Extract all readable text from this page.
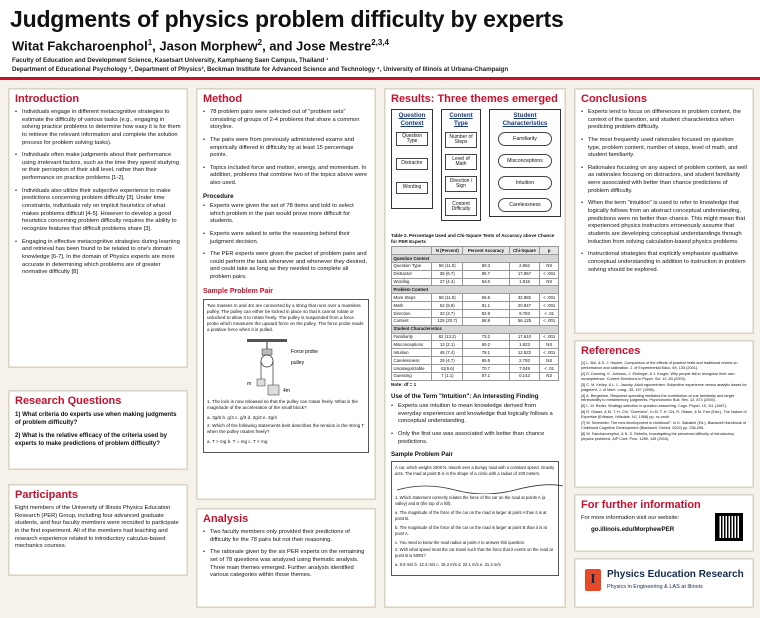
Judgments of physics problem difficulty by experts
Witat Fakcharoenphol$^1$, Jason Morphew$^2$, and Jose Mestre$^{2,3,4}$
Faculty of Education and Development Science, Kasetsart University, Kamphaeng Saen Campus, Thailand ¹
Department of Educational Psychology ², Department of Physics³, Beckman Institute for Advanced Science and Technology ⁴, University of Illinois at Urbana-Champaign
Introduction
• Individuals engage in different metacognitive strategies to estimate the difficulty of various tasks (e.g., engaging in solving practice problems to determine how easy it is for them to retrieve the relevant information and complete the solution process for problem solving tasks).
• Individuals often make judgments about their performance using irrelevant factors, such as the time they spend studying or their perception of their skill level, rather than their performance on practice problems [1-2].
• Individuals also utilize their subjective experience to make predictions concerning problem difficulty [3]. Under time constraints, individuals rely on implicit heuristics of what makes problems difficult [4-5]. However to develop a good heuristics concerning problem difficulty requires the ability to recognize features that difficult problems share [3].
• Engaging in effective metacognitive strategies during learning and retrieval has been found to be related to one's domain knowledge [6-7]. In the domain of Physics experts are more accurate in determining which problems are of greater normative difficulty [8]
Research Questions
1) What criteria do experts use when making judgments of problem difficulty?
2) What is the relative efficacy of the criteria used by experts to make predictions of problem difficulty?
Participants

Eight members of the University of Illinois Physics Education Research (PER) Group, including four advanced graduate students, and four faculty members were recruited to participate in the first experiment. All of the members had teaching and research experience related to introductory calculus-based mechanics courses.

Method
• 78 problem pairs were selected out of "problem sets" consisting of groups of 2-4 problems that share a common storyline.
• The pairs were from previously administered exams and empirically differed in difficulty by at least 15 percentage points.
• Topics included force and motion, energy, and momentum. In addition, problems that combine two of the topics above were also used.
Procedure
• Experts were given the set of 78 items and told to select which problem in the pair would prove more difficult for students.
• Experts were asked to write the reasoning behind their judgment decision.
• The PER experts were given the packet of problem pairs and could perform the task whenever and whenever they desired, and could take as long as they needed to complete all problem pairs.
Sample Problem Pair

Two masses m and 4m are connected by a string that runs over a massless pulley. The pulley can either be locked in place so that it cannot rotate or unlocked to allow it to rotate freely. The pulley is suspended from a force probe which measures the upward force on the pulley. The force probe reads a positive force when it is pulled.

Force probe
pulley
m
4m

1. The lock is now released so that the pulley can rotate freely. What is the magnitude of the acceleration of the small block?

a. 3g/5 b. g/3 c. g/3 d. 2g/3 e. 3g/4

2. Which of the following statements best describes the tension in the string T when the pulley rotates freely?

a. T > mg b. T = mg c. T < mg

Analysis
• Two faculty members only provided their predictions of difficulty for the 78 pairs but not their reasoning.
• The rationale given by the six PER experts on the remaining set of 78 questions was analyzed using thematic analysis. Three main themes emerged. Further analysis identified various categories within those themes.
Results: Three themes emerged
Question Context
Question Type
Distractor
Wording
Content Type
Number of Steps
Level of Math
Direction / Sign
Content Difficulty
Student Characteristics
Familiarity
Misconceptions
Intuition
Carelessness
Table 2. Percentage Used and Chi-Square Tests of Accuracy above Chance for PER Experts
	N (Percent)	Percent Accuracy	Chi-Square	p
Question Context				
Question Type	58 (11.0)	60.3	2.862	NS
Distractor	35 (6.7)	85.7	17.857	< .001
Wording	27 (4.4)	63.0	1.815	NS
Problem Content				
More Steps	58 (11.0)	65.5	32.882	< .001
Math	52 (9.8)	81.1	20.847	< .001
Direction	33 (3.7)	82.8	9.783	< .01
Content	125 (20.7)	68.9	56.125	< .001
Student Characteristics				
Familiarity	82 (13.2)	73.2	17.610	< .001
Misconceptions	13 (2.1)	69.2	1.923	NS
Intuition	46 (7.4)	78.1	12.522	< .001
Carelessness	29 (4.7)	65.5	2.793	NS
Uncategorizable	41(6.6)	70.7	7.049	< .01
Guessing	7 (1.1)	57.1	0.143	NS
Note: df = 1
Use of the Term "Intuition": An Interesting Finding
• Experts use intuition to mean knowledge derived from everyday experiences and knowledge that logically follows a conceptual understanding.
• Only the first use was associated with better than chance predictions.
Sample Problem Pair

A car, which weighs 1000 N, travels over a bumpy road with a constant speed. Gravity acts. The mad at point B is in the shape of a circle with a radius of 100 meters.

1. Which statement correctly relates the force of the car on the road at points A (a valley) and B (the top of a hill).

a. The magnitude of the force of the car on the road is larger at point A than it is at point B.

b. The magnitude of the force of the car on the road is larger at point B than it is at point A.

c. You need to know the road radius at point A to answer this question.

2. With what speed must the car travel such that the force that it exerts on the road at point B is 500N?

a. 9.9 m/s b. 12.4 m/s c. 15.3 m/s d. 22.1 m/s e. 31.3 m/s

Conclusions
• Experts tend to focus on differences in problem content, the context of the question, and student characteristics when predicting problem difficulty.
• The most frequently used rationales focused on question type, problem content, number of steps, level of math, and student familiarity.
• Rationales focusing on any aspect of problem content, as well as rationales focusing on distractors, and student familiarity were associated with better than chance predictions of problem difficulty.
• When the term "intuition" is used to refer to knowledge that logically follows from an abstract conceptual understanding, predictions were no better than chance. This might mean that experienced physics instructors erroneously assume that students are developing conceptual understandings through induction from solving calculation-based physics problems.
• Instructional strategies that explicitly emphasize qualitative conceptual understanding in addition to instruction in problem solving should be explored.
References

[1] L. Bol, & D. J. Hacker, Comparison of the effects of practice tests and traditional review on performance and calibration. J. of Experimental Educ. 69, 133 (2001).

[2] D. Dunning, K. Johnson, J. Ehrlinger, & J. Kruger, Why people fail to recognize their own incompetence. Current Directions in Psych. Sci. 12, 83 (2003).

[3] C. M. Kelley, & L. L. Jacoby, Adult egocentrism: Subjective experience versus analytic bases for judgment. J. of Mem. Lang., 35, 157 (1996).

[4] A. Bergstrom, Response speeding mediates the contribution of cue familiarity and target retrievability to metamemory judgments. Psychonomic Bull. Rev. 12, 874 (2005).

[5] L. M. Reder, Strategy selection in question answering. Cogn. Psych. 19, 111 (1987).

[6] R. Glaser, & M. T. H. Chi, "Overview", In M. T. H. Chi, R. Glaser, & M. Farr (Eds.), The Nature of Expertise (Erlbaum, Hillsdale, NJ, 1988) pp. xv-xxviii.

[7] W. Schneider, The new development in childhood". In D. Sakakini (Ed.), Blackwell Handbook of Childhood Cognitive Development (Blackwell, Oxford, 2002) pp. 236-256.

[8] W. Fakcharoenphol, & N. S. Rebello, Investigating the perceived difficulty of introductory physics problems, AIP Conf. Proc. 1289, 149 (2010).

For further information

For more information visit our website:

go.illinois.edu/MorphewPER

I
Physics Education Research
Physics in Engineering & LAS at Illinois
